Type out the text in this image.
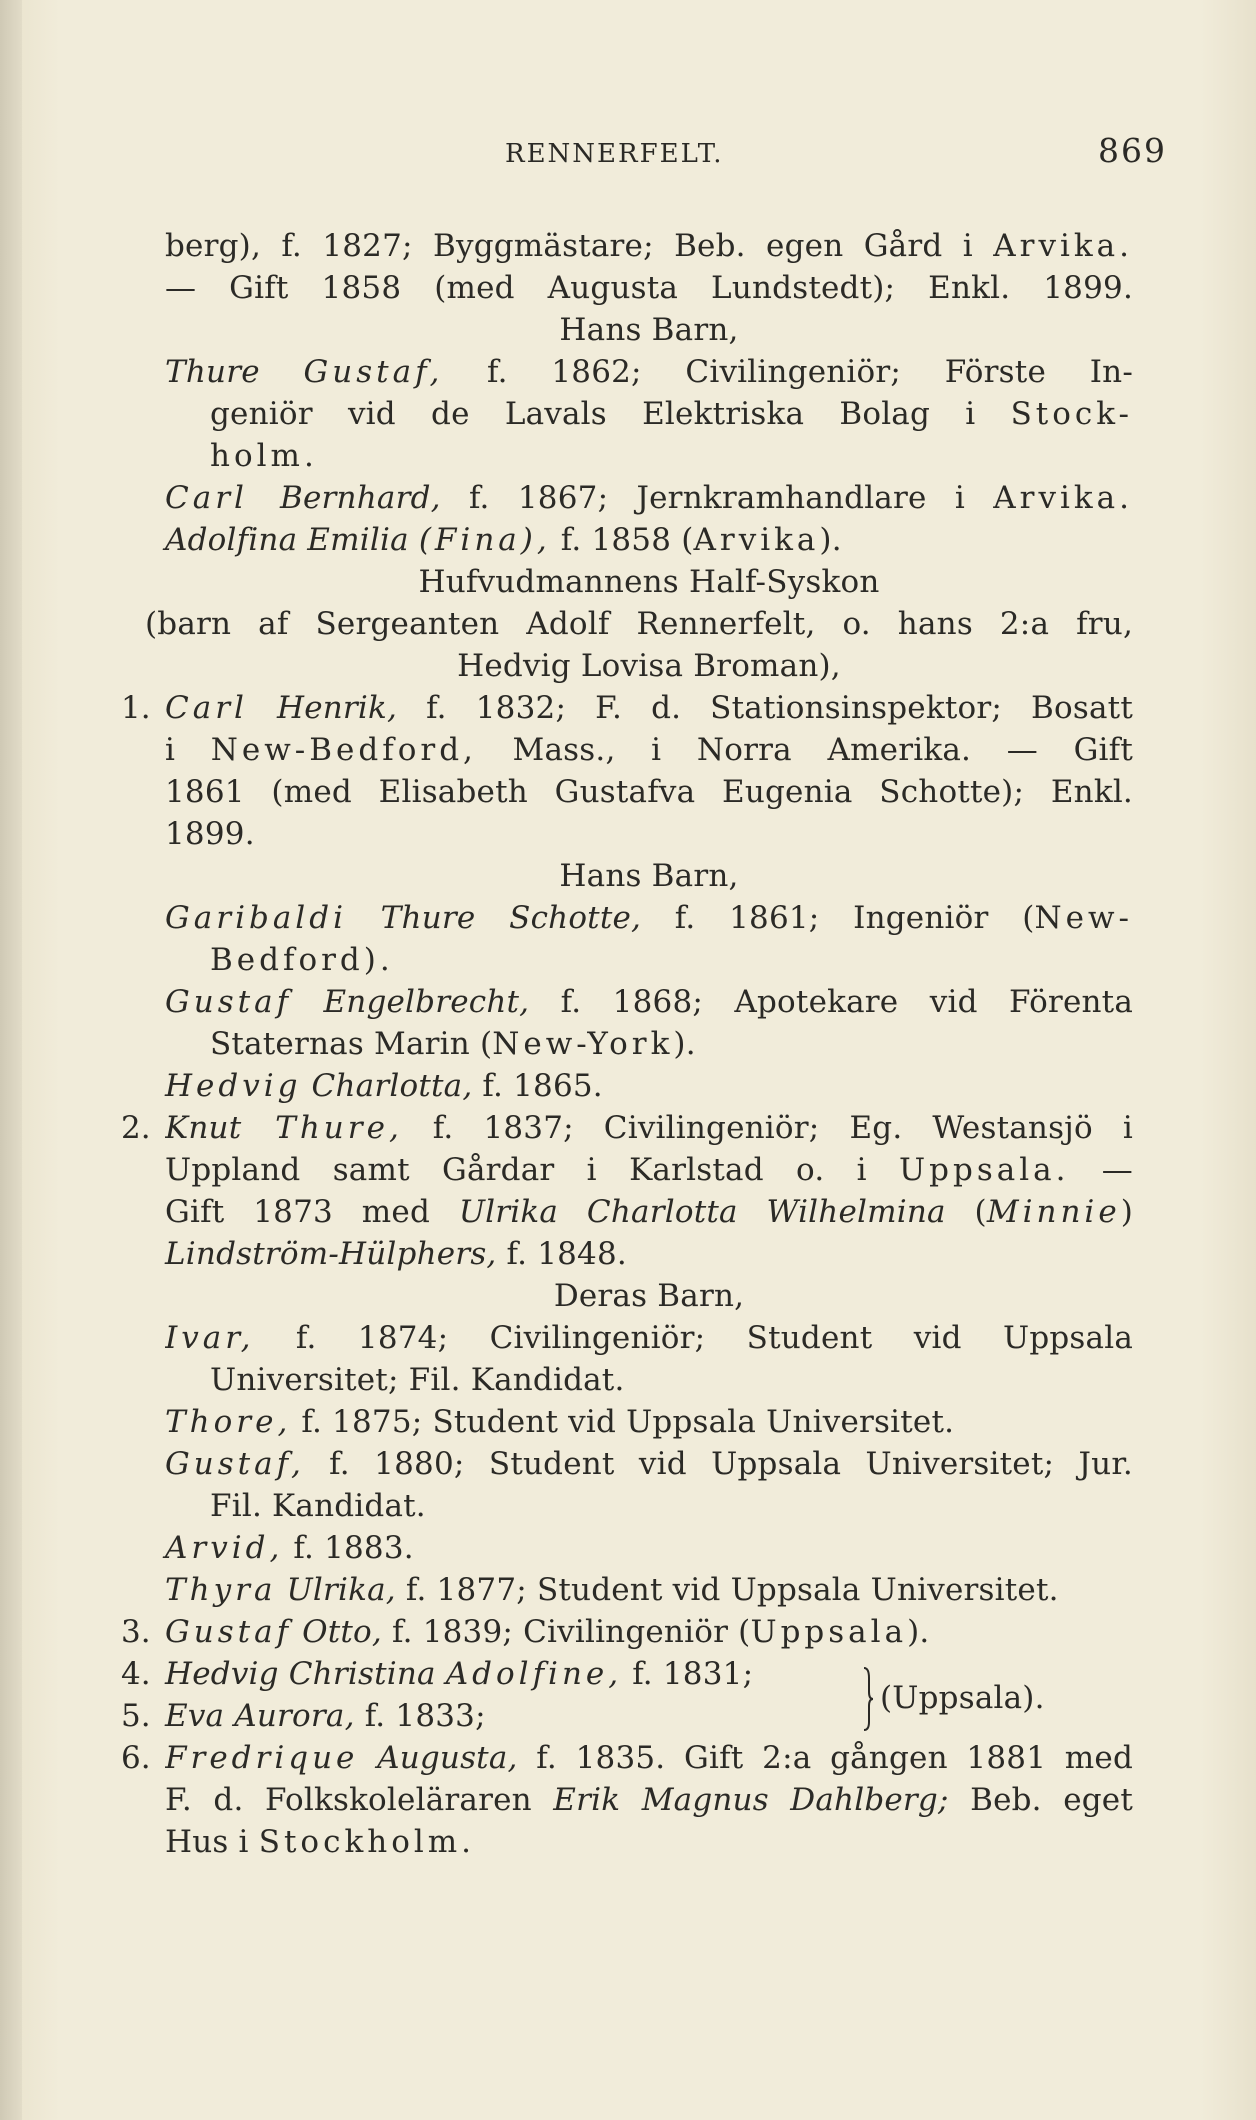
RENNERFELT.	869
berg), f. 1827; Byggmästare; Beb. egen Gård i Arvika.
— Gift 1858 (med Augusta Lundstedt); Enkl. 1899.
Hans Barn,
Thure Gustaf, f. 1862; Civilingeniör; Förste In-
geniör vid de Lavals Elektriska Bolag i Stock-
holm.
Carl Bernhard, f. 1867; Jernkramhandlare i Arvika.
Adolfina Emilia (Fina), f. 1858 (Arvika).
Hufvudmannens Half-Syskon
(barn af Sergeanten Adolf Rennerfelt, o. hans 2:a fru,
Hedvig Lovisa Broman),
1. Carl Henrik, f. 1832; F. d. Stationsinspektor; Bosatt
i New-Bedford, Mass., i Norra Amerika. — Gift
1861 (med Elisabeth Gustafva Eugenia Schotte); Enkl.
1899.
Hans Barn,
Garibaldi Thure Schotte, f. 1861; Ingeniör (New-
Bedford).
Gustaf Engelbrecht, f. 1868; Apotekare vid Förenta
Staternas Marin (New-York).
Hedvig Charlotta, f. 1865.
2. Knut Thure, f. 1837; Civilingeniör; Eg. Westansjö i
Uppland samt Gårdar i Karlstad o. i Uppsala. —
Gift 1873 med Ulrika Charlotta Wilhelmina (Minnie)
Lindström-Hülphers, f. 1848.
Deras Barn,
Ivar, f. 1874; Civilingeniör; Student vid Uppsala
Universitet; Fil. Kandidat.
Thore, f. 1875; Student vid Uppsala Universitet.
Gustaf, f. 1880; Student vid Uppsala Universitet; Jur.
Fil. Kandidat.
Arvid, f. 1883.
Thyra Ulrika, f. 1877; Student vid Uppsala Universitet.
3. Gustaf Otto, f. 1839; Civilingeniör (Uppsala).
4. Hedvig Christina Adolfine, f. 1831;
5. Eva Aurora, f. 1833;
6. Fredrique Augusta, f. 1835. Gift 2:a gången 1881 med
F. d. Folkskoleläraren Erik Magnus Dahlberg; Beb. eget
Hus i Stockholm.
(Uppsala).
